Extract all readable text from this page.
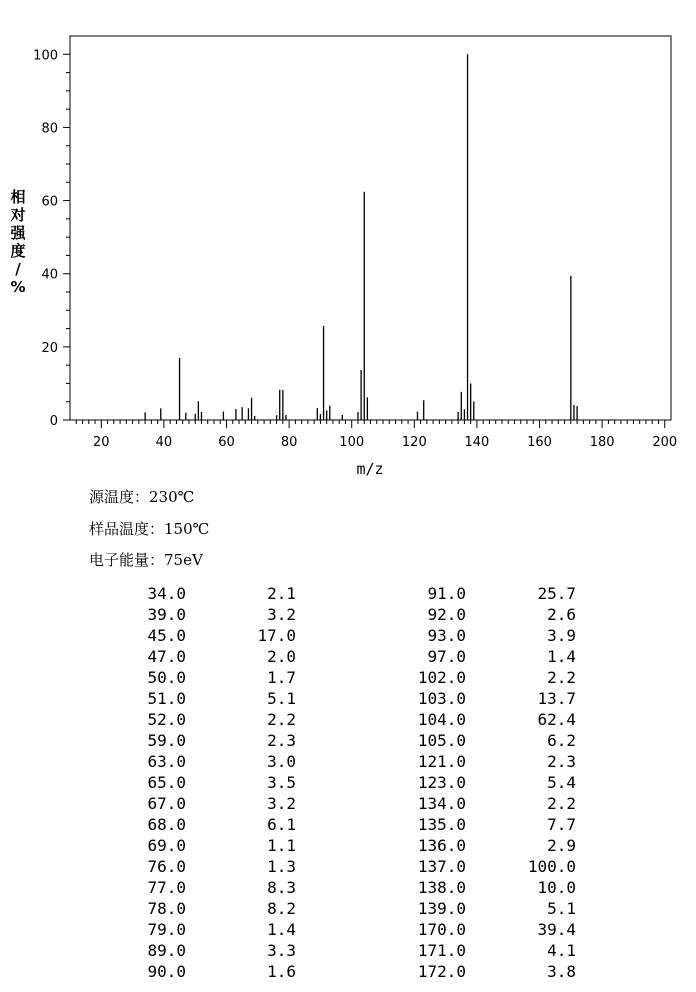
20	40	60	80	100	120	140	160	180	200
0
20
40
60
80
100
m/z
相
对
强
度
/
%
源温度：230℃
样品温度：150℃
电子能量：75eV
34.0	2.1	91.0	25.7
39.0	3.2	92.0	2.6
45.0	17.0	93.0	3.9
47.0	2.0	97.0	1.4
50.0	1.7	102.0	2.2
51.0	5.1	103.0	13.7
52.0	2.2	104.0	62.4
59.0	2.3	105.0	6.2
63.0	3.0	121.0	2.3
65.0	3.5	123.0	5.4
67.0	3.2	134.0	2.2
68.0	6.1	135.0	7.7
69.0	1.1	136.0	2.9
76.0	1.3	137.0	100.0
77.0	8.3	138.0	10.0
78.0	8.2	139.0	5.1
79.0	1.4	170.0	39.4
89.0	3.3	171.0	4.1
90.0	1.6	172.0	3.8
